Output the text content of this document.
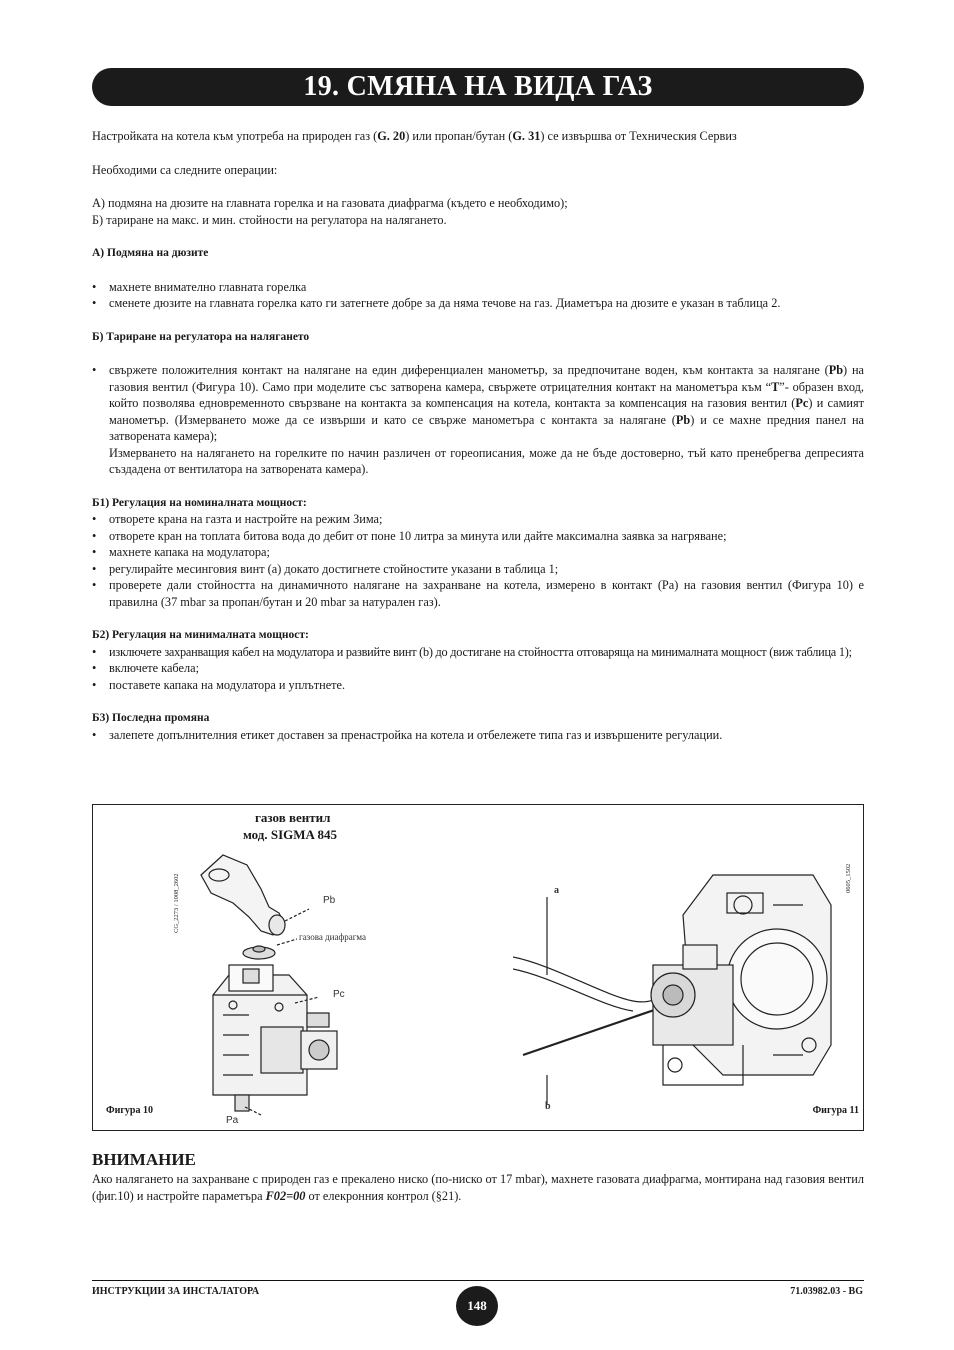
19. СМЯНА НА ВИДА ГАЗ

Настройката на котела към употреба на природен газ (G. 20) или пропан/бутан (G. 31) се извършва от Техническия Сервиз

Необходими са следните операции:

А) подмяна на дюзите на главната горелка и на газовата диафрагма (където е необходимо);

Б) тариране на макс. и мин. стойности на регулатора на налягането.

А) Подмяна на дюзите

• махнете внимателно главната горелка
• сменете дюзите на главната горелка като ги затегнете добре за да няма течове на газ. Диаметъра на дюзите е указан в таблица 2.

Б) Тариране на регулатора на налягането

• свържете положителния контакт на налягане на един диференциален манометър, за предпочитане воден, към контакта за налягане (Pb) на газовия вентил (Фигура 10). Само при моделите със затворена камера, свържете отрицателния контакт на манометъра към “T”- образен вход, който позволява едновременното свързване на контакта за компенсация на котела, контакта за компенсация на газовия вентил (Pc) и самият манометър. (Измерването може да се извърши и като се свърже манометъра с контакта за налягане (Pb) и се махне предния панел на затворената камера);

Измерването на налягането на горелките по начин различен от гореописания, може да не бъде достоверно, тъй като пренебрегва депресията създадена от вентилатора на затворената камера).

Б1) Регулация на номиналната мощност:

• отворете крана на газта и настройте на режим Зима;
• отворете кран на топлата битова вода до дебит от поне 10 литра за минута или дайте максимална заявка за нагряване;
• махнете капака на модулатора;
• регулирайте месинговия винт (а) докато достигнете стойностите указани в таблица 1;
• проверете дали стойността на динамичното налягане на захранване на котела, измерено в контакт (Pa) на газовия вентил (Фигура 10) е правилна (37 mbar за пропан/бутан и 20 mbar за натурален газ).

Б2) Регулация на минималната мощност:

• изключете захранващия кабел на модулатора и развийте винт (b) до достигане на стойността отговаряща на минималната мощност (виж таблица 1);
• включете кабела;
• поставете капака на модулатора и уплътнете.

Б3) Последна промяна

• залепете допълнителния етикет доставен за пренастройка на котела и отбележете типа газ и извършените регулации.
газов вентил
мод. SIGMA 845
CG_2273 / 1008_2602	0605_1502
Pb
газова диафрагма
Pc
Pa
a
b
Фигура 10	Фигура 11
ВНИМАНИЕ

Ако налягането на захранване с природен газ е прекалено ниско (по-ниско от 17 mbar), махнете газовата диафрагма, монтирана над газовия вентил (фиг.10) и настройте параметъра F02=00 от елекронния контрол (§21).

ИНСТРУКЦИИ ЗА ИНСТАЛАТОРА
148
71.03982.03 - BG
